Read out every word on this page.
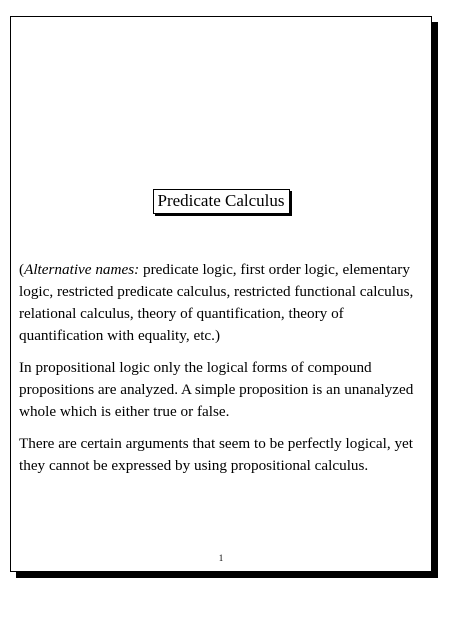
Predicate Calculus

(Alternative names: predicate logic, first order logic, elementary logic, restricted predicate calculus, restricted functional calculus, relational calculus, theory of quantification, theory of quantification with equality, etc.)

In propositional logic only the logical forms of compound propositions are analyzed. A simple proposition is an unanalyzed whole which is either true or false.

There are certain arguments that seem to be perfectly logical, yet they cannot be expressed by using propositional calculus.

1
